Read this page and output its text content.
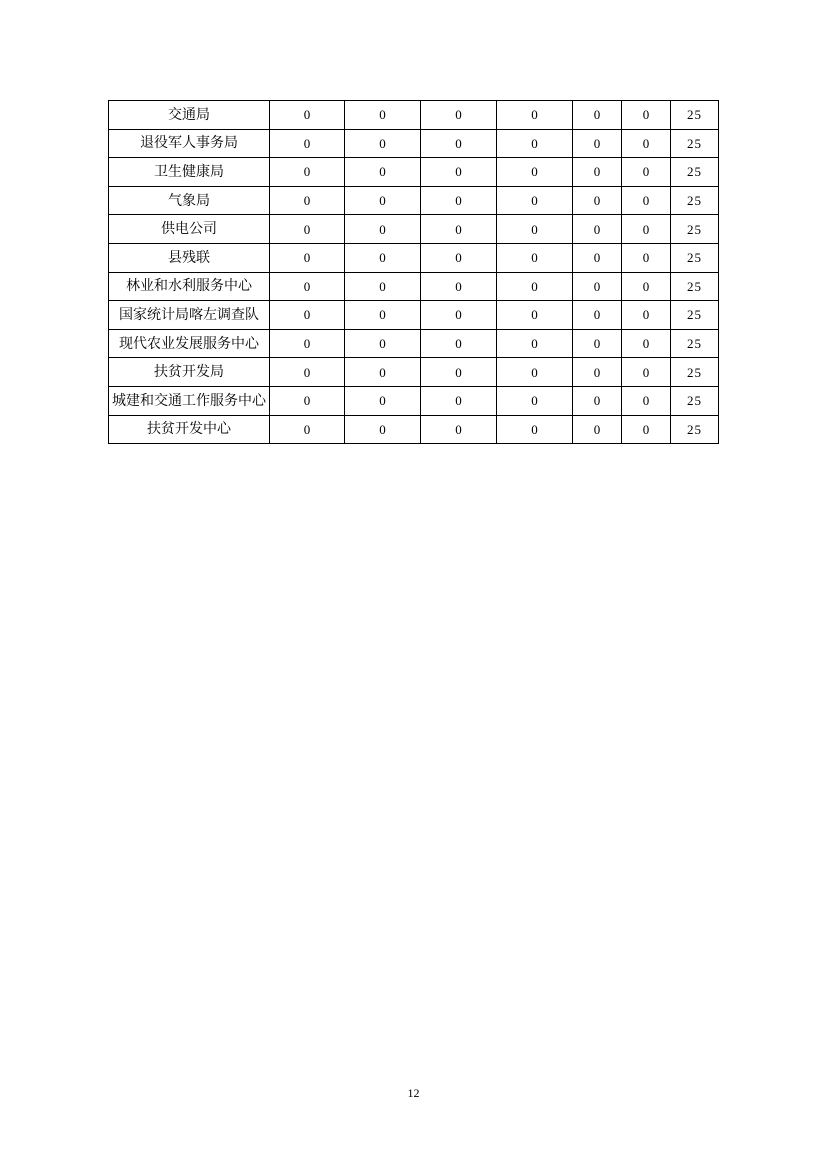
交通局	0	0	0	0	0	0	25
退役军人事务局	0	0	0	0	0	0	25
卫生健康局	0	0	0	0	0	0	25
气象局	0	0	0	0	0	0	25
供电公司	0	0	0	0	0	0	25
县残联	0	0	0	0	0	0	25
林业和水利服务中心	0	0	0	0	0	0	25
国家统计局喀左调查队	0	0	0	0	0	0	25
现代农业发展服务中心	0	0	0	0	0	0	25
扶贫开发局	0	0	0	0	0	0	25
城建和交通工作服务中心	0	0	0	0	0	0	25
扶贫开发中心	0	0	0	0	0	0	25
12
